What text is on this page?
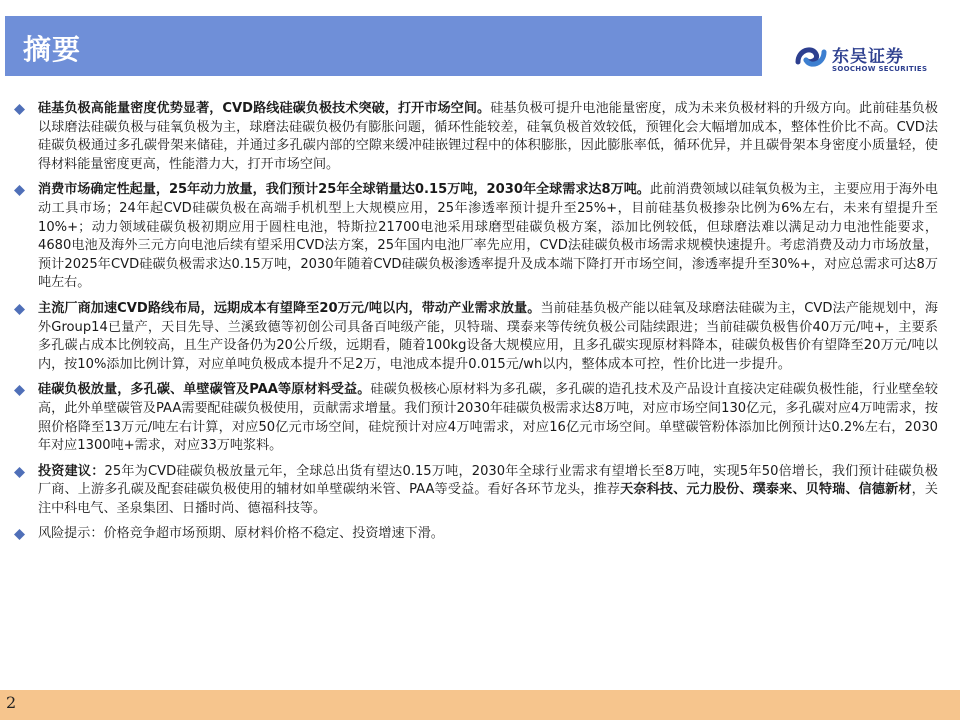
摘要	东吴证券
SOOCHOW SECURITIES
硅基负极高能量密度优势显著，CVD路线硅碳负极技术突破，打开市场空间。硅基负极可提升电池能量密度，成为未来负极材料的升级方向。此前硅基负极以球磨法硅碳负极与硅氧负极为主，球磨法硅碳负极仍有膨胀问题，循环性能较差，硅氧负极首效较低，预锂化会大幅增加成本，整体性价比不高。CVD法硅碳负极通过多孔碳骨架来储硅，并通过多孔碳内部的空隙来缓冲硅嵌锂过程中的体积膨胀，因此膨胀率低，循环优异，并且碳骨架本身密度小质量轻，使得材料能量密度更高，性能潜力大，打开市场空间。
消费市场确定性起量，25年动力放量，我们预计25年全球销量达0.15万吨，2030年全球需求达8万吨。此前消费领域以硅氧负极为主，主要应用于海外电动工具市场；24年起CVD硅碳负极在高端手机机型上大规模应用，25年渗透率预计提升至25%+，目前硅基负极掺杂比例为6%左右，未来有望提升至10%+；动力领域硅碳负极初期应用于圆柱电池，特斯拉21700电池采用球磨型硅碳负极方案，添加比例较低，但球磨法难以满足动力电池性能要求，4680电池及海外三元方向电池后续有望采用CVD法方案，25年国内电池厂率先应用，CVD法硅碳负极市场需求规模快速提升。考虑消费及动力市场放量，预计2025年CVD硅碳负极需求达0.15万吨，2030年随着CVD硅碳负极渗透率提升及成本端下降打开市场空间，渗透率提升至30%+，对应总需求可达8万吨左右。
主流厂商加速CVD路线布局，远期成本有望降至20万元/吨以内，带动产业需求放量。当前硅基负极产能以硅氧及球磨法硅碳为主，CVD法产能规划中，海外Group14已量产，天目先导、兰溪致德等初创公司具备百吨级产能，贝特瑞、璞泰来等传统负极公司陆续跟进；当前硅碳负极售价40万元/吨+，主要系多孔碳占成本比例较高，且生产设备仍为20公斤级，远期看，随着100kg设备大规模应用，且多孔碳实现原材料降本，硅碳负极售价有望降至20万元/吨以内，按10%添加比例计算，对应单吨负极成本提升不足2万，电池成本提升0.015元/wh以内，整体成本可控，性价比进一步提升。
硅碳负极放量，多孔碳、单壁碳管及PAA等原材料受益。硅碳负极核心原材料为多孔碳，多孔碳的造孔技术及产品设计直接决定硅碳负极性能，行业壁垒较高，此外单壁碳管及PAA需要配硅碳负极使用，贡献需求增量。我们预计2030年硅碳负极需求达8万吨，对应市场空间130亿元，多孔碳对应4万吨需求，按照价格降至13万元/吨左右计算，对应50亿元市场空间，硅烷预计对应4万吨需求，对应16亿元市场空间。单壁碳管粉体添加比例预计达0.2%左右，2030年对应1300吨+需求，对应33万吨浆料。
投资建议：25年为CVD硅碳负极放量元年，全球总出货有望达0.15万吨，2030年全球行业需求有望增长至8万吨，实现5年50倍增长，我们预计硅碳负极厂商、上游多孔碳及配套硅碳负极使用的辅材如单壁碳纳米管、PAA等受益。看好各环节龙头，推荐天奈科技、元力股份、璞泰来、贝特瑞、信德新材，关注中科电气、圣泉集团、日播时尚、德福科技等。
风险提示：价格竞争超市场预期、原材料价格不稳定、投资增速下滑。
2
